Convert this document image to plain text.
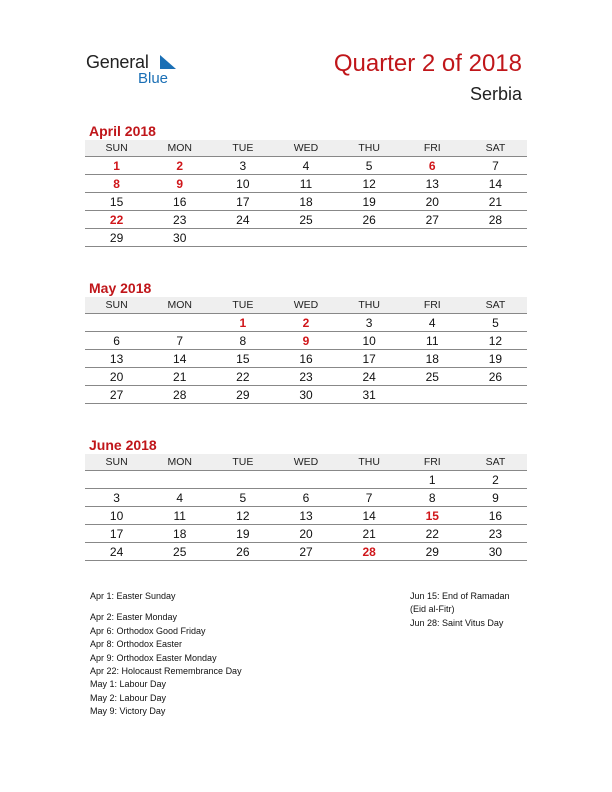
General
Blue
Quarter 2 of 2018
Serbia
April 2018
SUN	MON	TUE	WED	THU	FRI	SAT
1	2	3	4	5	6	7
8	9	10	11	12	13	14
15	16	17	18	19	20	21
22	23	24	25	26	27	28
29	30					
May 2018
SUN	MON	TUE	WED	THU	FRI	SAT
		1	2	3	4	5
6	7	8	9	10	11	12
13	14	15	16	17	18	19
20	21	22	23	24	25	26
27	28	29	30	31		
June 2018
SUN	MON	TUE	WED	THU	FRI	SAT
					1	2
3	4	5	6	7	8	9
10	11	12	13	14	15	16
17	18	19	20	21	22	23
24	25	26	27	28	29	30
Apr 1: Easter Sunday
Apr 2: Easter Monday
Apr 6: Orthodox Good Friday
Apr 8: Orthodox Easter
Apr 9: Orthodox Easter Monday
Apr 22: Holocaust Remembrance Day
May 1: Labour Day
May 2: Labour Day
May 9: Victory Day
Jun 15: End of Ramadan
(Eid al-Fitr)
Jun 28: Saint Vitus Day
